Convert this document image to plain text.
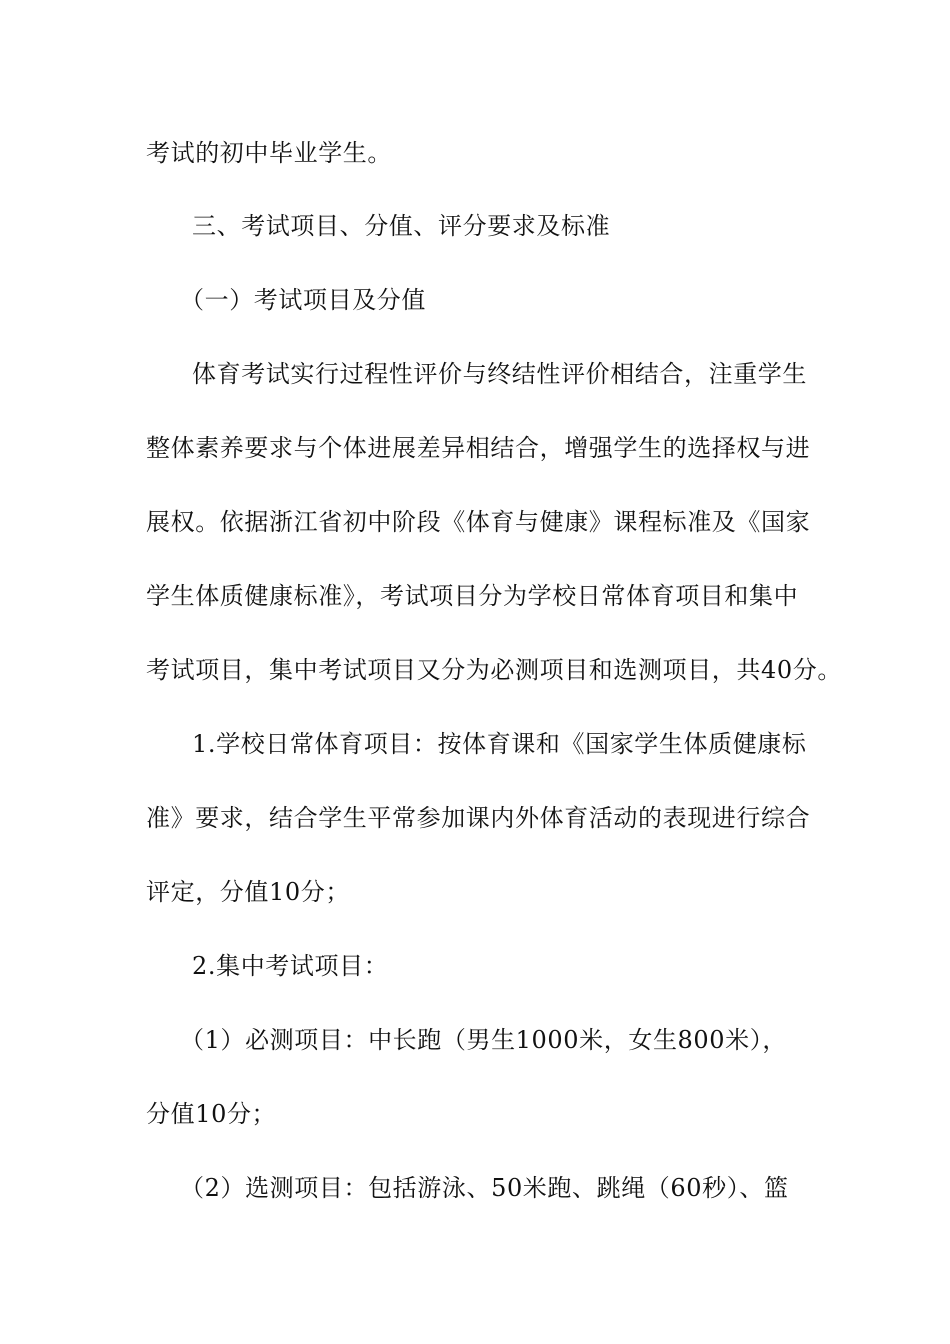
考试的初中毕业学生。
三、考试项目、分值、评分要求及标准
（一）考试项目及分值
体育考试实行过程性评价与终结性评价相结合，注重学生
整体素养要求与个体进展差异相结合，增强学生的选择权与进
展权。依据浙江省初中阶段《体育与健康》课程标准及《国家
学生体质健康标准》，考试项目分为学校日常体育项目和集中
考试项目，集中考试项目又分为必测项目和选测项目，共40分。
1.学校日常体育项目：按体育课和《国家学生体质健康标
准》要求，结合学生平常参加课内外体育活动的表现进行综合
评定，分值10分；
2.集中考试项目：
（1）必测项目：中长跑（男生1000米，女生800米），
分值10分；
（2）选测项目：包括游泳、50米跑、跳绳（60秒）、篮
